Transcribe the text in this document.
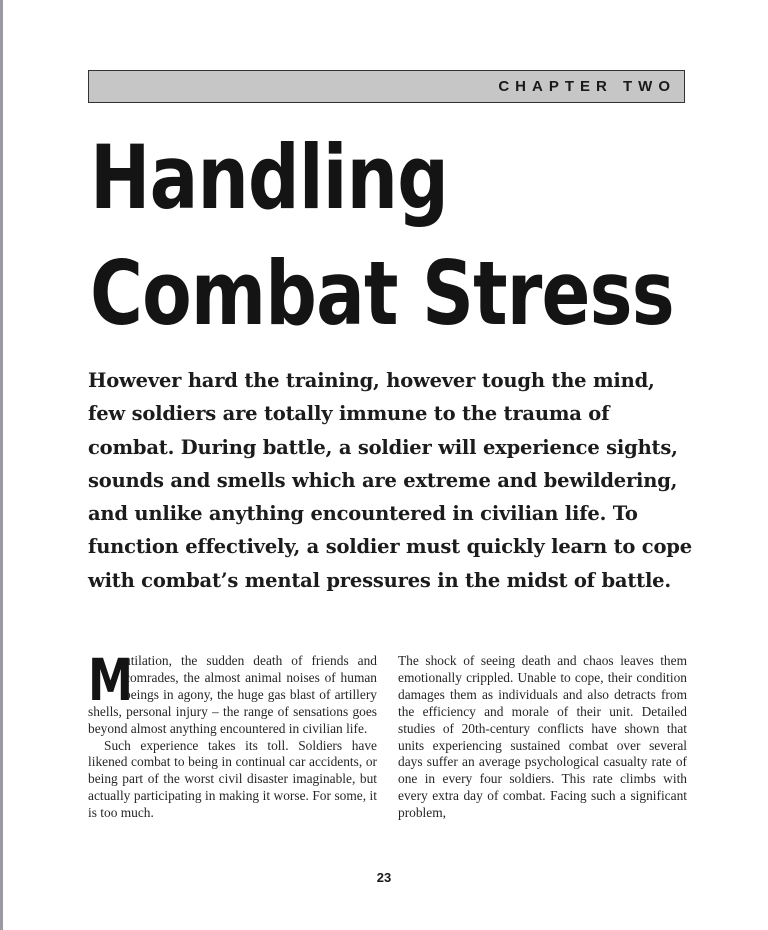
CHAPTER TWO
Handling
Combat Stress

However hard the training, however tough the mind, few soldiers are totally immune to the trauma of combat. During battle, a soldier will experience sights, sounds and smells which are extreme and bewildering, and unlike anything encountered in civilian life. To function effectively, a soldier must quickly learn to cope with combat’s mental pressures in the midst of battle.

M
utilation, the sudden death of friends and comrades, the almost animal noises of human beings in agony, the huge gas blast of artillery shells, personal injury – the range of sensations goes beyond almost anything encountered in civilian life.

Such experience takes its toll. Soldiers have likened combat to being in continual car accidents, or being part of the worst civil disaster imaginable, but actually participating in making it worse. For some, it is too much.

The shock of seeing death and chaos leaves them emotionally crippled. Unable to cope, their condition damages them as individuals and also detracts from the efficiency and morale of their unit. Detailed studies of 20th-century conflicts have shown that units experiencing sustained combat over several days suffer an average psychological casualty rate of one in every four soldiers. This rate climbs with every extra day of combat. Facing such a significant problem,

23
